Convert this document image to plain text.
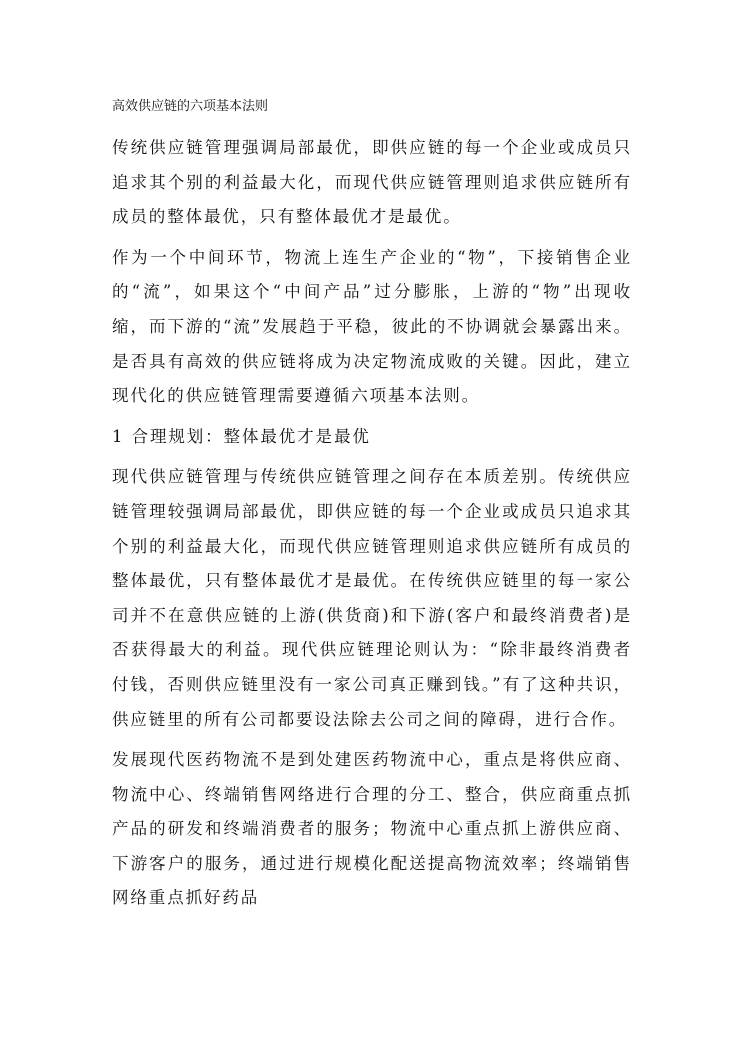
高效供应链的六项基本法则

传统供应链管理强调局部最优，即供应链的每一个企业或成员只追求其个别的利益最大化，而现代供应链管理则追求供应链所有成员的整体最优，只有整体最优才是最优。

作为一个中间环节，物流上连生产企业的“物”，下接销售企业的“流”，如果这个“中间产品”过分膨胀，上游的“物”出现收缩，而下游的“流”发展趋于平稳，彼此的不协调就会暴露出来。是否具有高效的供应链将成为决定物流成败的关键。因此，建立现代化的供应链管理需要遵循六项基本法则。

1 合理规划：整体最优才是最优

现代供应链管理与传统供应链管理之间存在本质差别。传统供应链管理较强调局部最优，即供应链的每一个企业或成员只追求其个别的利益最大化，而现代供应链管理则追求供应链所有成员的整体最优，只有整体最优才是最优。在传统供应链里的每一家公司并不在意供应链的上游(供货商)和下游(客户和最终消费者)是否获得最大的利益。现代供应链理论则认为：“除非最终消费者付钱，否则供应链里没有一家公司真正赚到钱。”有了这种共识，供应链里的所有公司都要设法除去公司之间的障碍，进行合作。

发展现代医药物流不是到处建医药物流中心，重点是将供应商、物流中心、终端销售网络进行合理的分工、整合，供应商重点抓产品的研发和终端消费者的服务；物流中心重点抓上游供应商、下游客户的服务，通过进行规模化配送提高物流效率；终端销售网络重点抓好药品
